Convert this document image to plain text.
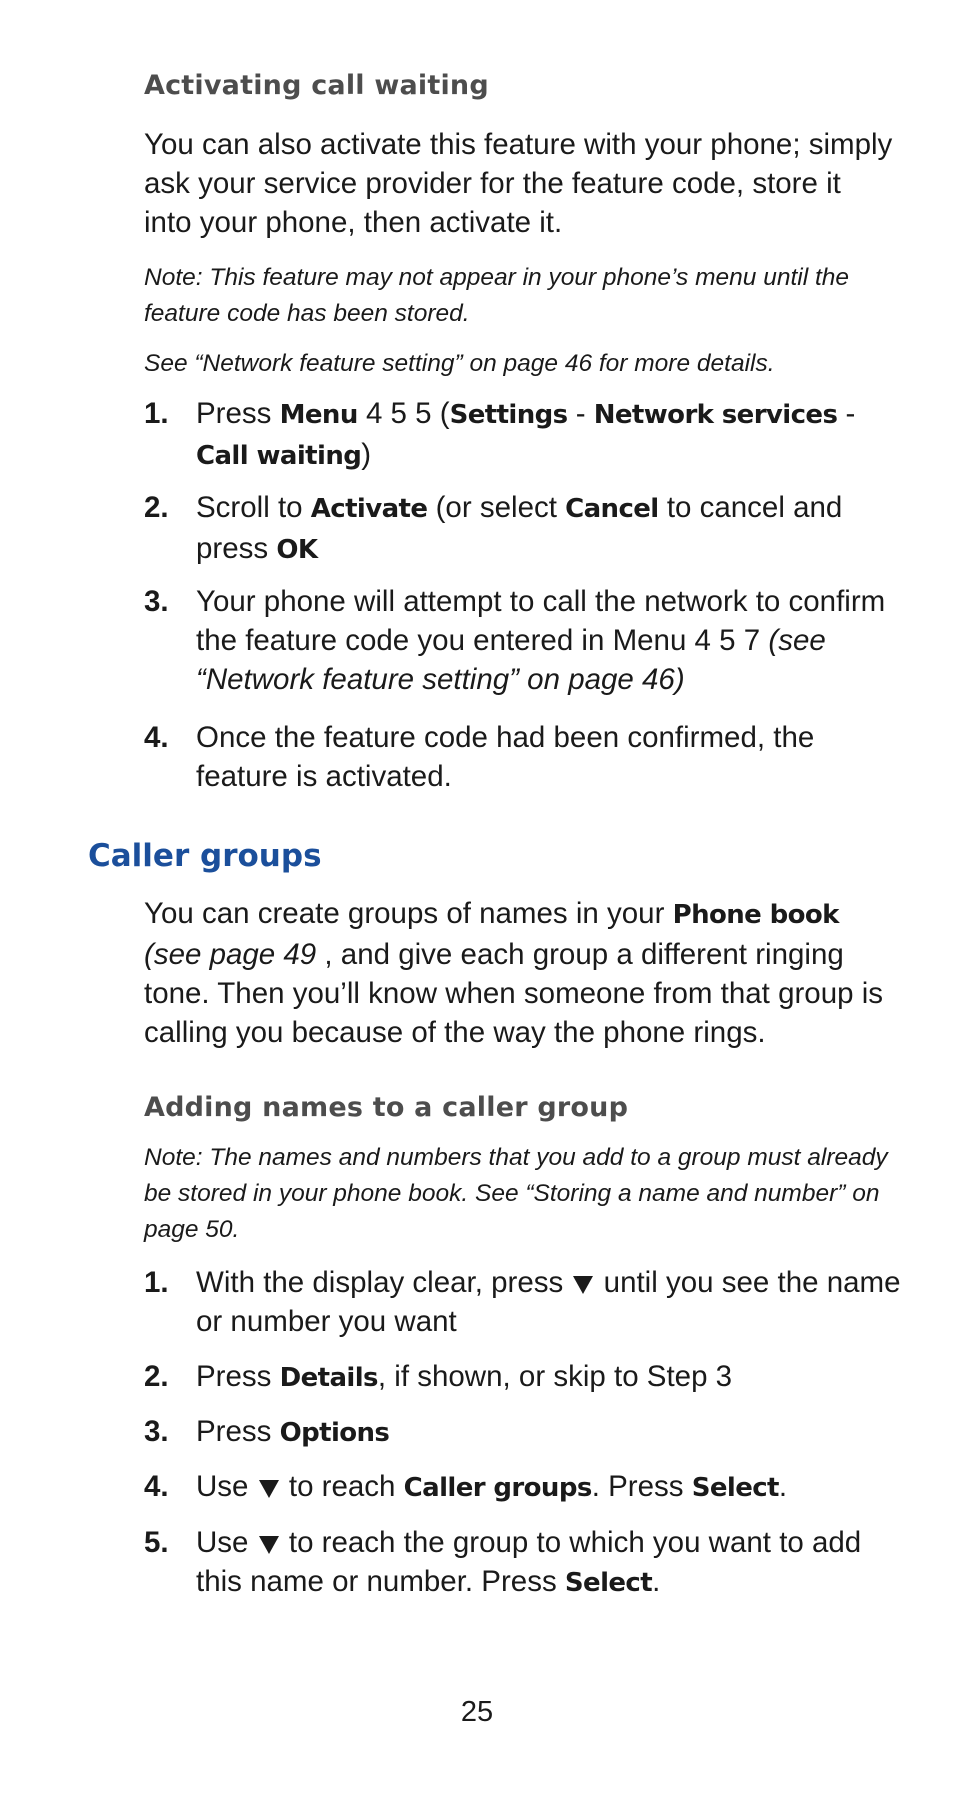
Activating call waiting

You can also activate this feature with your phone; simply ask your service provider for the feature code, store it into your phone, then activate it.

Note: This feature may not appear in your phone’s menu until the feature code has been stored.

See “Network feature setting” on page 46 for more details.

1. Press Menu 4 5 5 (Settings - Network services - Call waiting)
2. Scroll to Activate (or select Cancel to cancel and press OK
3. Your phone will attempt to call the network to confirm the feature code you entered in Menu 4 5 7 (see “Network feature setting” on page 46)
4. Once the feature code had been confirmed, the feature is activated.
Caller groups

You can create groups of names in your Phone book (see page 49 , and give each group a different ringing tone. Then you’ll know when someone from that group is calling you because of the way the phone rings.

Adding names to a caller group

Note: The names and numbers that you add to a group must already be stored in your phone book. See “Storing a name and number” on page 50.

1. With the display clear, press  until you see the name or number you want
2. Press Details, if shown, or skip to Step 3
3. Press Options
4. Use  to reach Caller groups. Press Select.
5. Use  to reach the group to which you want to add this name or number. Press Select.

25
